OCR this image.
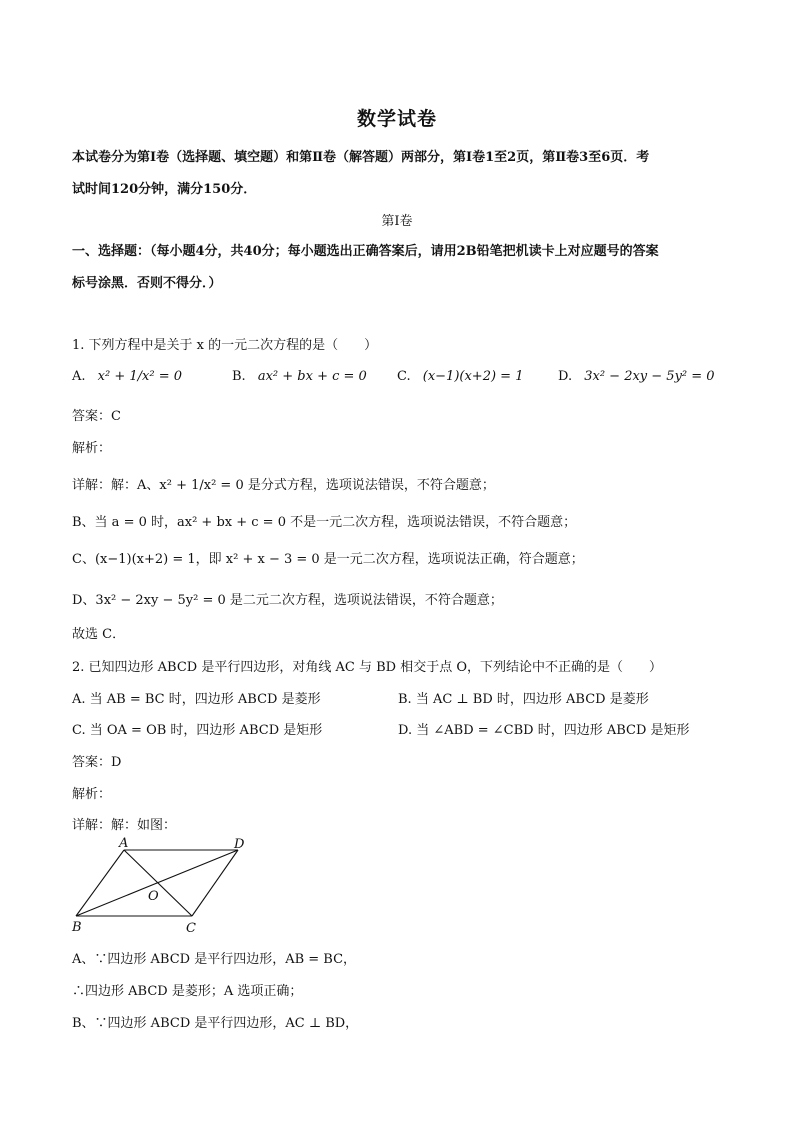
数学试卷
本试卷分为第Ⅰ卷（选择题、填空题）和第Ⅱ卷（解答题）两部分，第Ⅰ卷1至2页，第Ⅱ卷3至6页．考
试时间120分钟，满分150分．
第Ⅰ卷
一、选择题：（每小题4分，共40分；每小题选出正确答案后，请用2B铅笔把机读卡上对应题号的答案
标号涂黑．否则不得分．）
1. 下列方程中是关于 x 的一元二次方程的是（　　）
A. x² + 1/x² = 0	B. ax² + bx + c = 0 C. (x−1)(x+2) = 1	D. 3x² − 2xy − 5y² = 0
答案：C
解析：
详解：解：A、x² + 1/x² = 0 是分式方程，选项说法错误，不符合题意；
B、当 a = 0 时，ax² + bx + c = 0 不是一元二次方程，选项说法错误，不符合题意；
C、(x−1)(x+2) = 1，即 x² + x − 3 = 0 是一元二次方程，选项说法正确，符合题意；
D、3x² − 2xy − 5y² = 0 是二元二次方程，选项说法错误，不符合题意；
故选 C．
2. 已知四边形 ABCD 是平行四边形，对角线 AC 与 BD 相交于点 O，下列结论中不正确的是（　　）
A. 当 AB = BC 时，四边形 ABCD 是菱形	B. 当 AC ⊥ BD 时，四边形 ABCD 是菱形
C. 当 OA = OB 时，四边形 ABCD 是矩形	D. 当 ∠ABD = ∠CBD 时，四边形 ABCD 是矩形
答案：D
解析：
详解：解：如图：
A	D
B	C
O
A、∵四边形 ABCD 是平行四边形，AB = BC，
∴四边形 ABCD 是菱形；A 选项正确；
B、∵四边形 ABCD 是平行四边形，AC ⊥ BD，
